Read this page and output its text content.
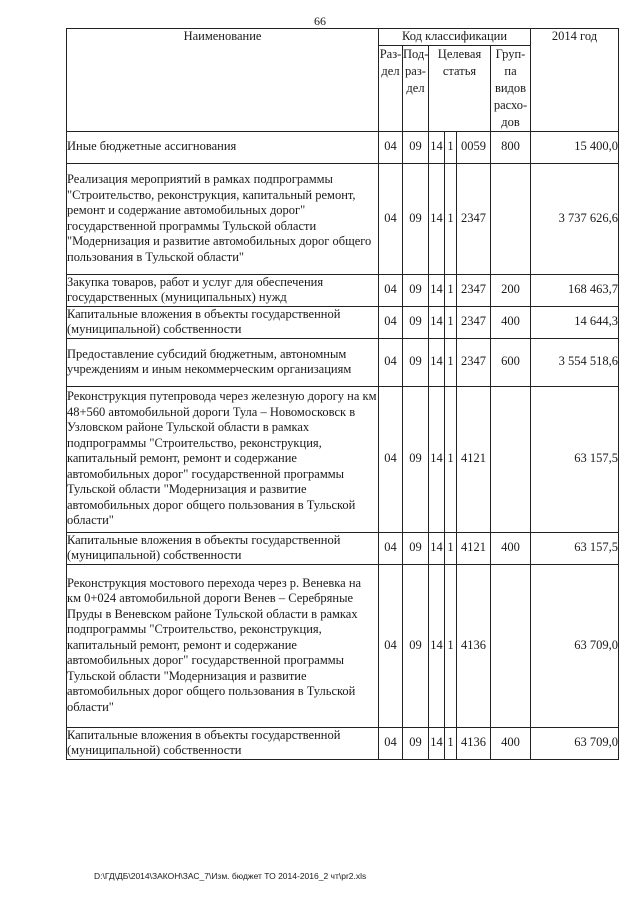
66
Наименование	Код классификации						2014 год
	Раз- дел	Под- раз- дел	Целевая статья			Груп- па видов расхо- дов	
Иные бюджетные ассигнования	04	09	14	1	0059	800	15 400,0
Реализация мероприятий в рамках подпрограммы "Строительство, реконструкция, капитальный ремонт, ремонт и содержание автомобильных дорог" государственной программы Тульской области "Модернизация и развитие автомобильных дорог общего пользования в Тульской области"	04	09	14	1	2347		3 737 626,6
Закупка товаров, работ и услуг для обеспечения государственных (муниципальных) нужд	04	09	14	1	2347	200	168 463,7
Капитальные вложения в объекты государственной (муниципальной) собственности	04	09	14	1	2347	400	14 644,3
Предоставление субсидий бюджетным, автономным учреждениям и иным некоммерческим организациям	04	09	14	1	2347	600	3 554 518,6
Реконструкция путепровода через железную дорогу на км 48+560 автомобильной дороги Тула – Новомосковск в Узловском районе Тульской области в рамках подпрограммы "Строительство, реконструкция, капитальный ремонт, ремонт и содержание автомобильных дорог" государственной программы Тульской области "Модернизация и развитие автомобильных дорог общего пользования в Тульской области"	04	09	14	1	4121		63 157,5
Капитальные вложения в объекты государственной (муниципальной) собственности	04	09	14	1	4121	400	63 157,5
Реконструкция мостового перехода через р. Веневка на км 0+024 автомобильной дороги Венев – Серебряные Пруды в Веневском районе Тульской области в рамках подпрограммы "Строительство, реконструкция, капитальный ремонт, ремонт и содержание автомобильных дорог" государственной программы Тульской области "Модернизация и развитие автомобильных дорог общего пользования в Тульской области"	04	09	14	1	4136		63 709,0
Капитальные вложения в объекты государственной (муниципальной) собственности	04	09	14	1	4136	400	63 709,0
D:\ГД\ДБ\2014\ЗАКОН\ЗАС_7\Изм. бюджет ТО 2014-2016_2 чт\pr2.xls
